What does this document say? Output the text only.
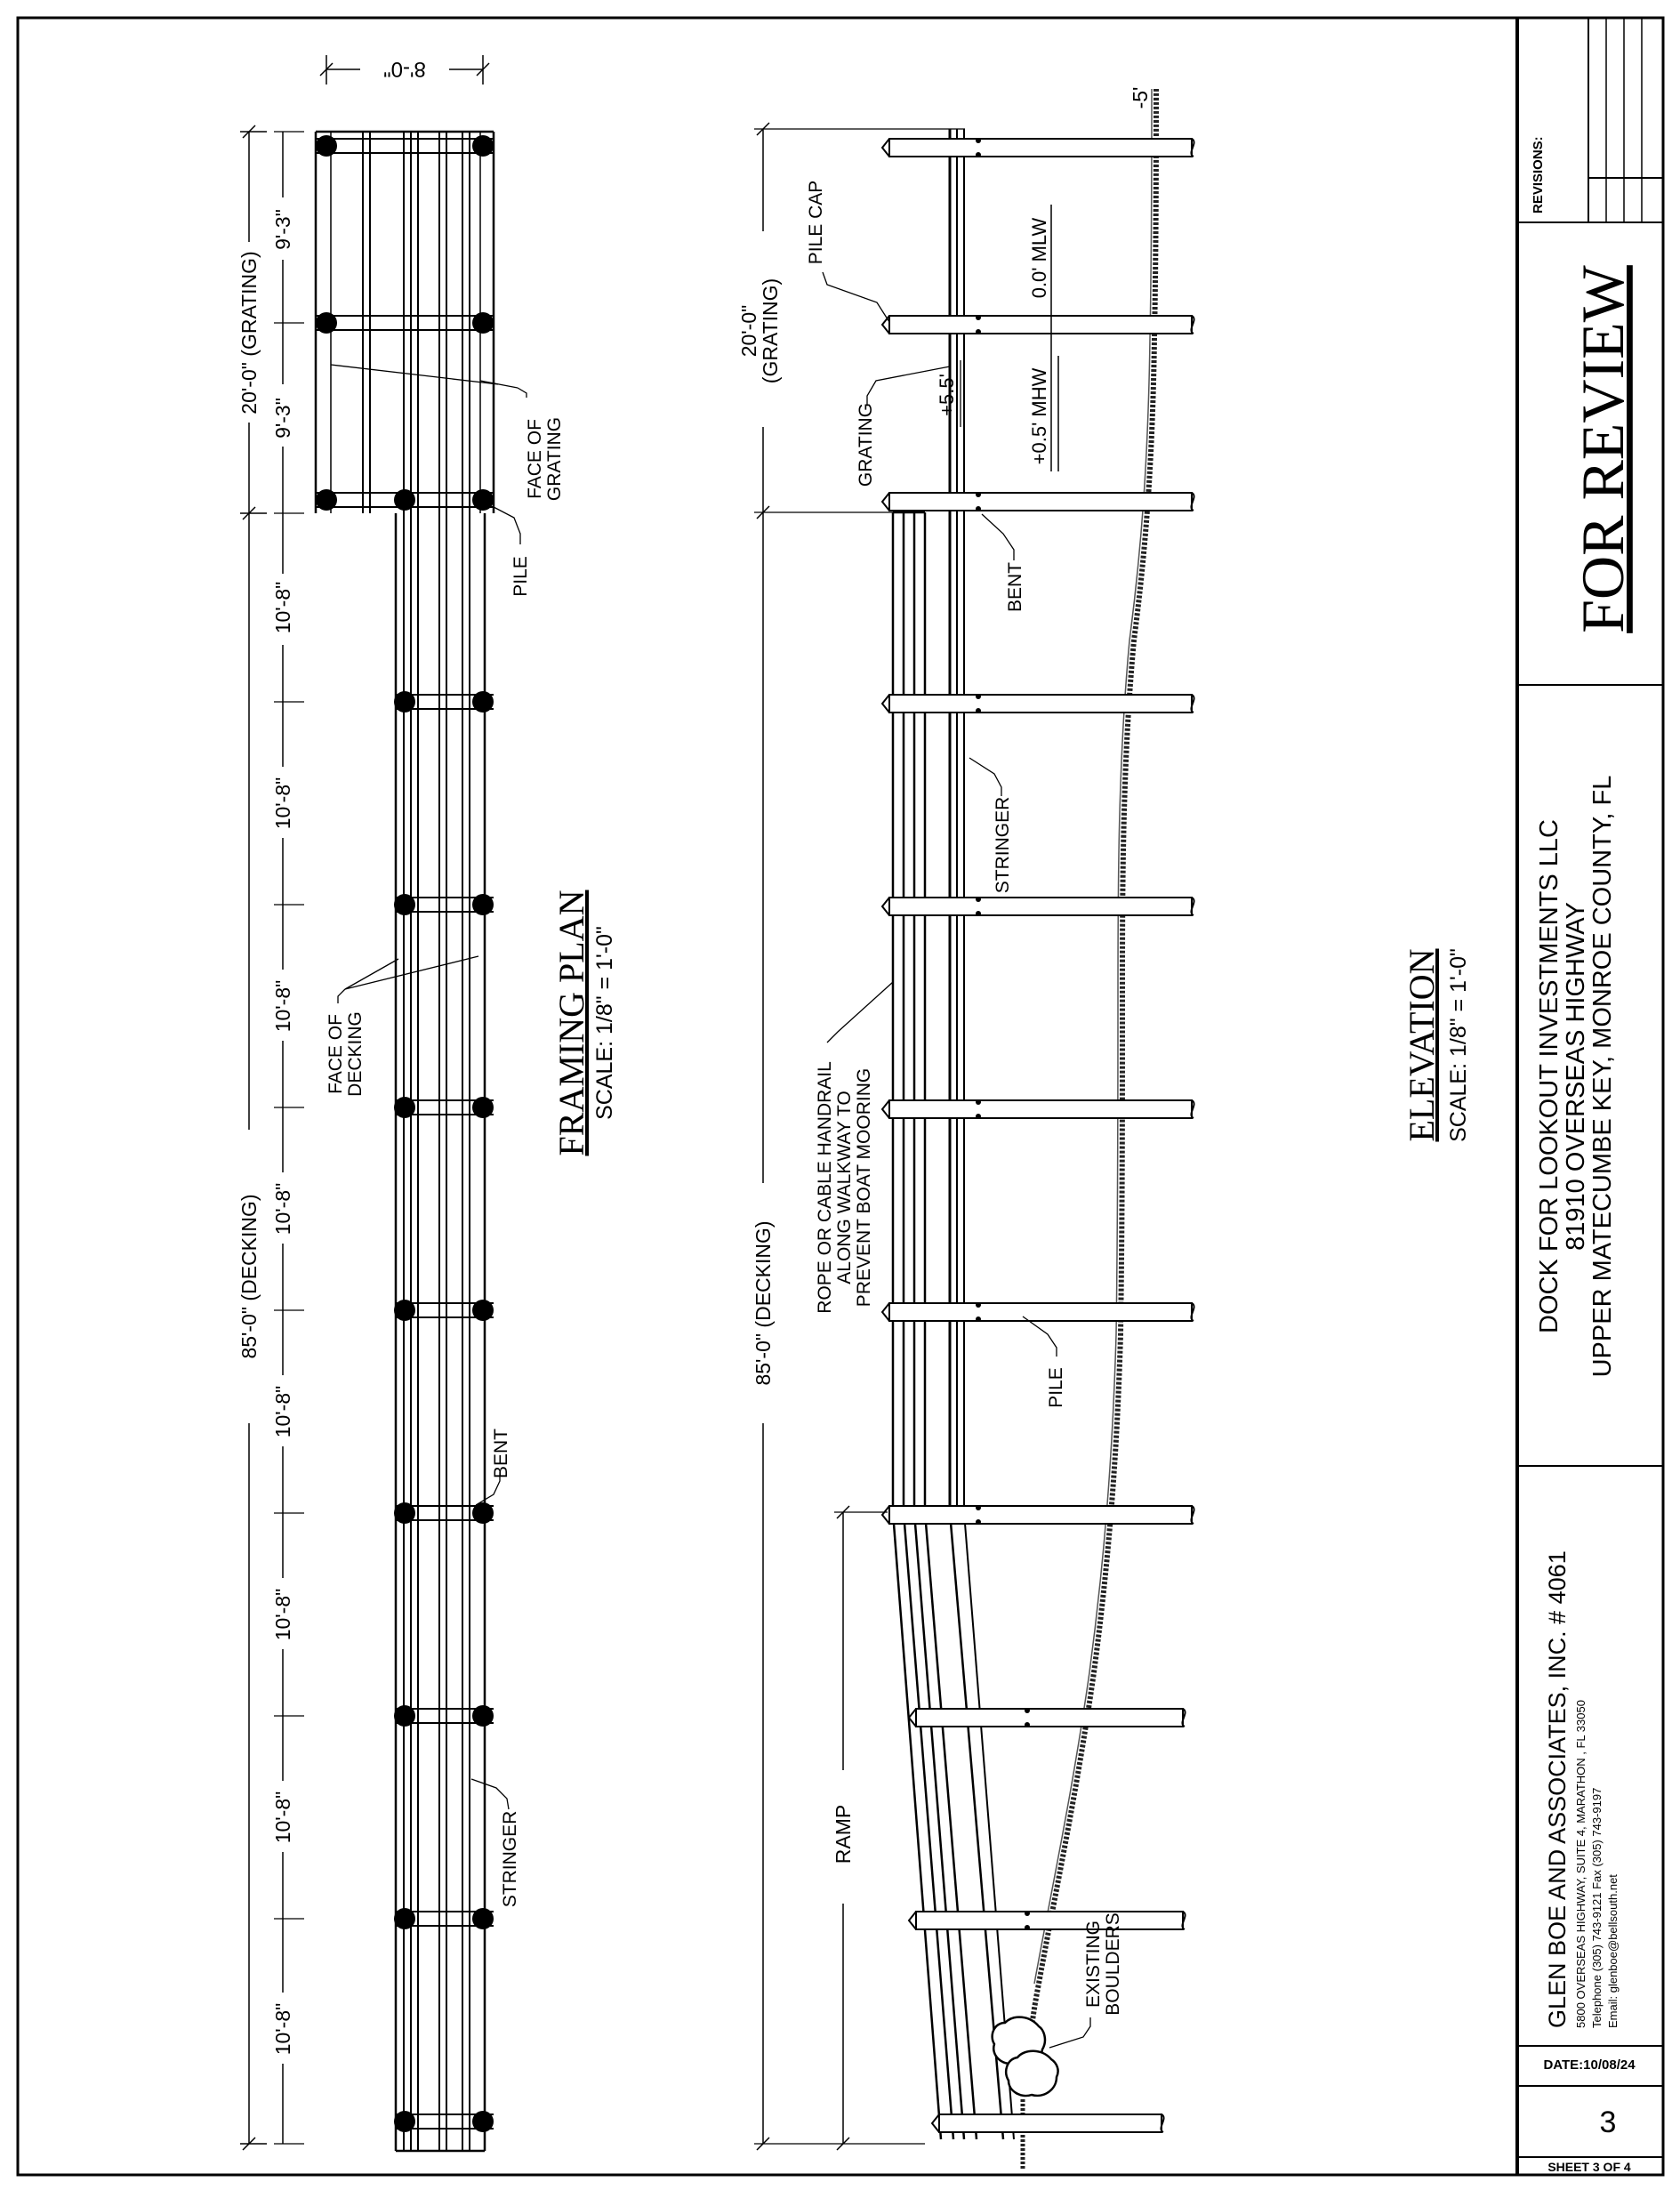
REVISIONS:
FOR REVIEW
DOCK FOR LOOKOUT INVESTMENTS LLC
81910 OVERSEAS HIGHWAY
UPPER MATECUMBE KEY, MONROE COUNTY, FL
GLEN BOE AND ASSOCIATES, INC. # 4061 5800 OVERSEAS HIGHWAY, SUITE 4, MARATHON , FL 33050 Telephone (305) 743-9121 Fax (305) 743-9197 Email: glenboe@bellsouth.net
DATE:10/08/24
3
SHEET 3 OF 4
8'-0"
20'-0" (GRATING)
85'-0" (DECKING)
9'-3"
9'-3"
10'-8"
10'-8"
10'-8"
10'-8"
10'-8"
10'-8"
10'-8"
10'-8"
FACE OF GRATING
PILE
FACE OF DECKING
BENT
STRINGER
FRAMING PLAN SCALE: 1/8" = 1'-0"
20'-0"
(GRATING)
85'-0" (DECKING)
RAMP
0.0' MLW
+0.5' MHW
+5.5'
-5'
PILE CAP
GRATING
BENT
STRINGER
ROPE OR CABLE HANDRAIL ALONG WALKWAY TO PREVENT BOAT MOORING
PILE
EXISTING BOULDERS
ELEVATION SCALE: 1/8" = 1'-0"
